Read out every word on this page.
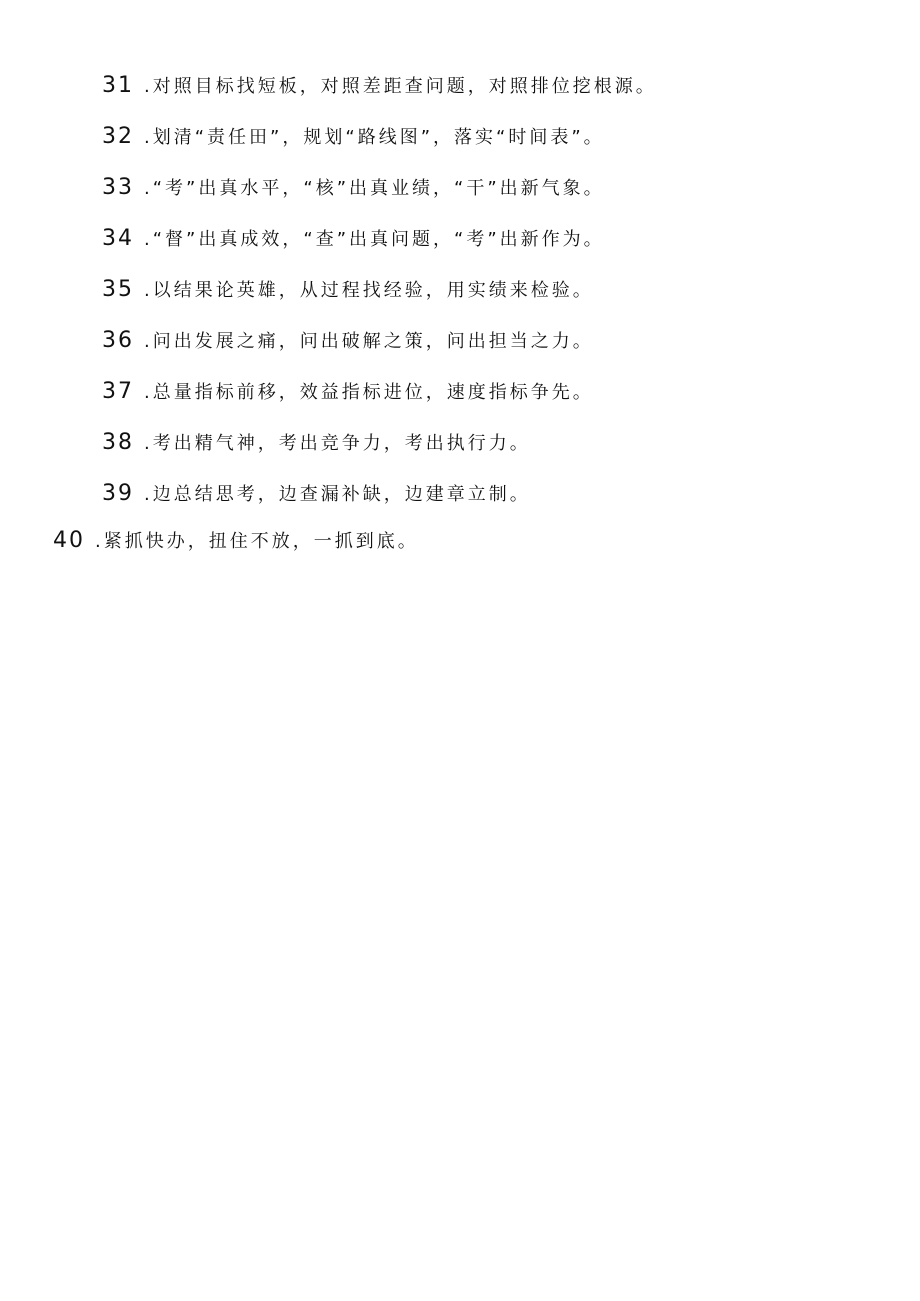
31 .对照目标找短板，对照差距查问题，对照排位挖根源。
32 .划清“责任田”，规划“路线图”，落实“时间表”。
33 .“考”出真水平，“核”出真业绩，“干”出新气象。
34 .“督”出真成效，“查”出真问题，“考”出新作为。
35 .以结果论英雄，从过程找经验，用实绩来检验。
36 .问出发展之痛，问出破解之策，问出担当之力。
37 .总量指标前移，效益指标进位，速度指标争先。
38 .考出精气神，考出竞争力，考出执行力。
39 .边总结思考，边查漏补缺，边建章立制。
40 .紧抓快办，扭住不放，一抓到底。
